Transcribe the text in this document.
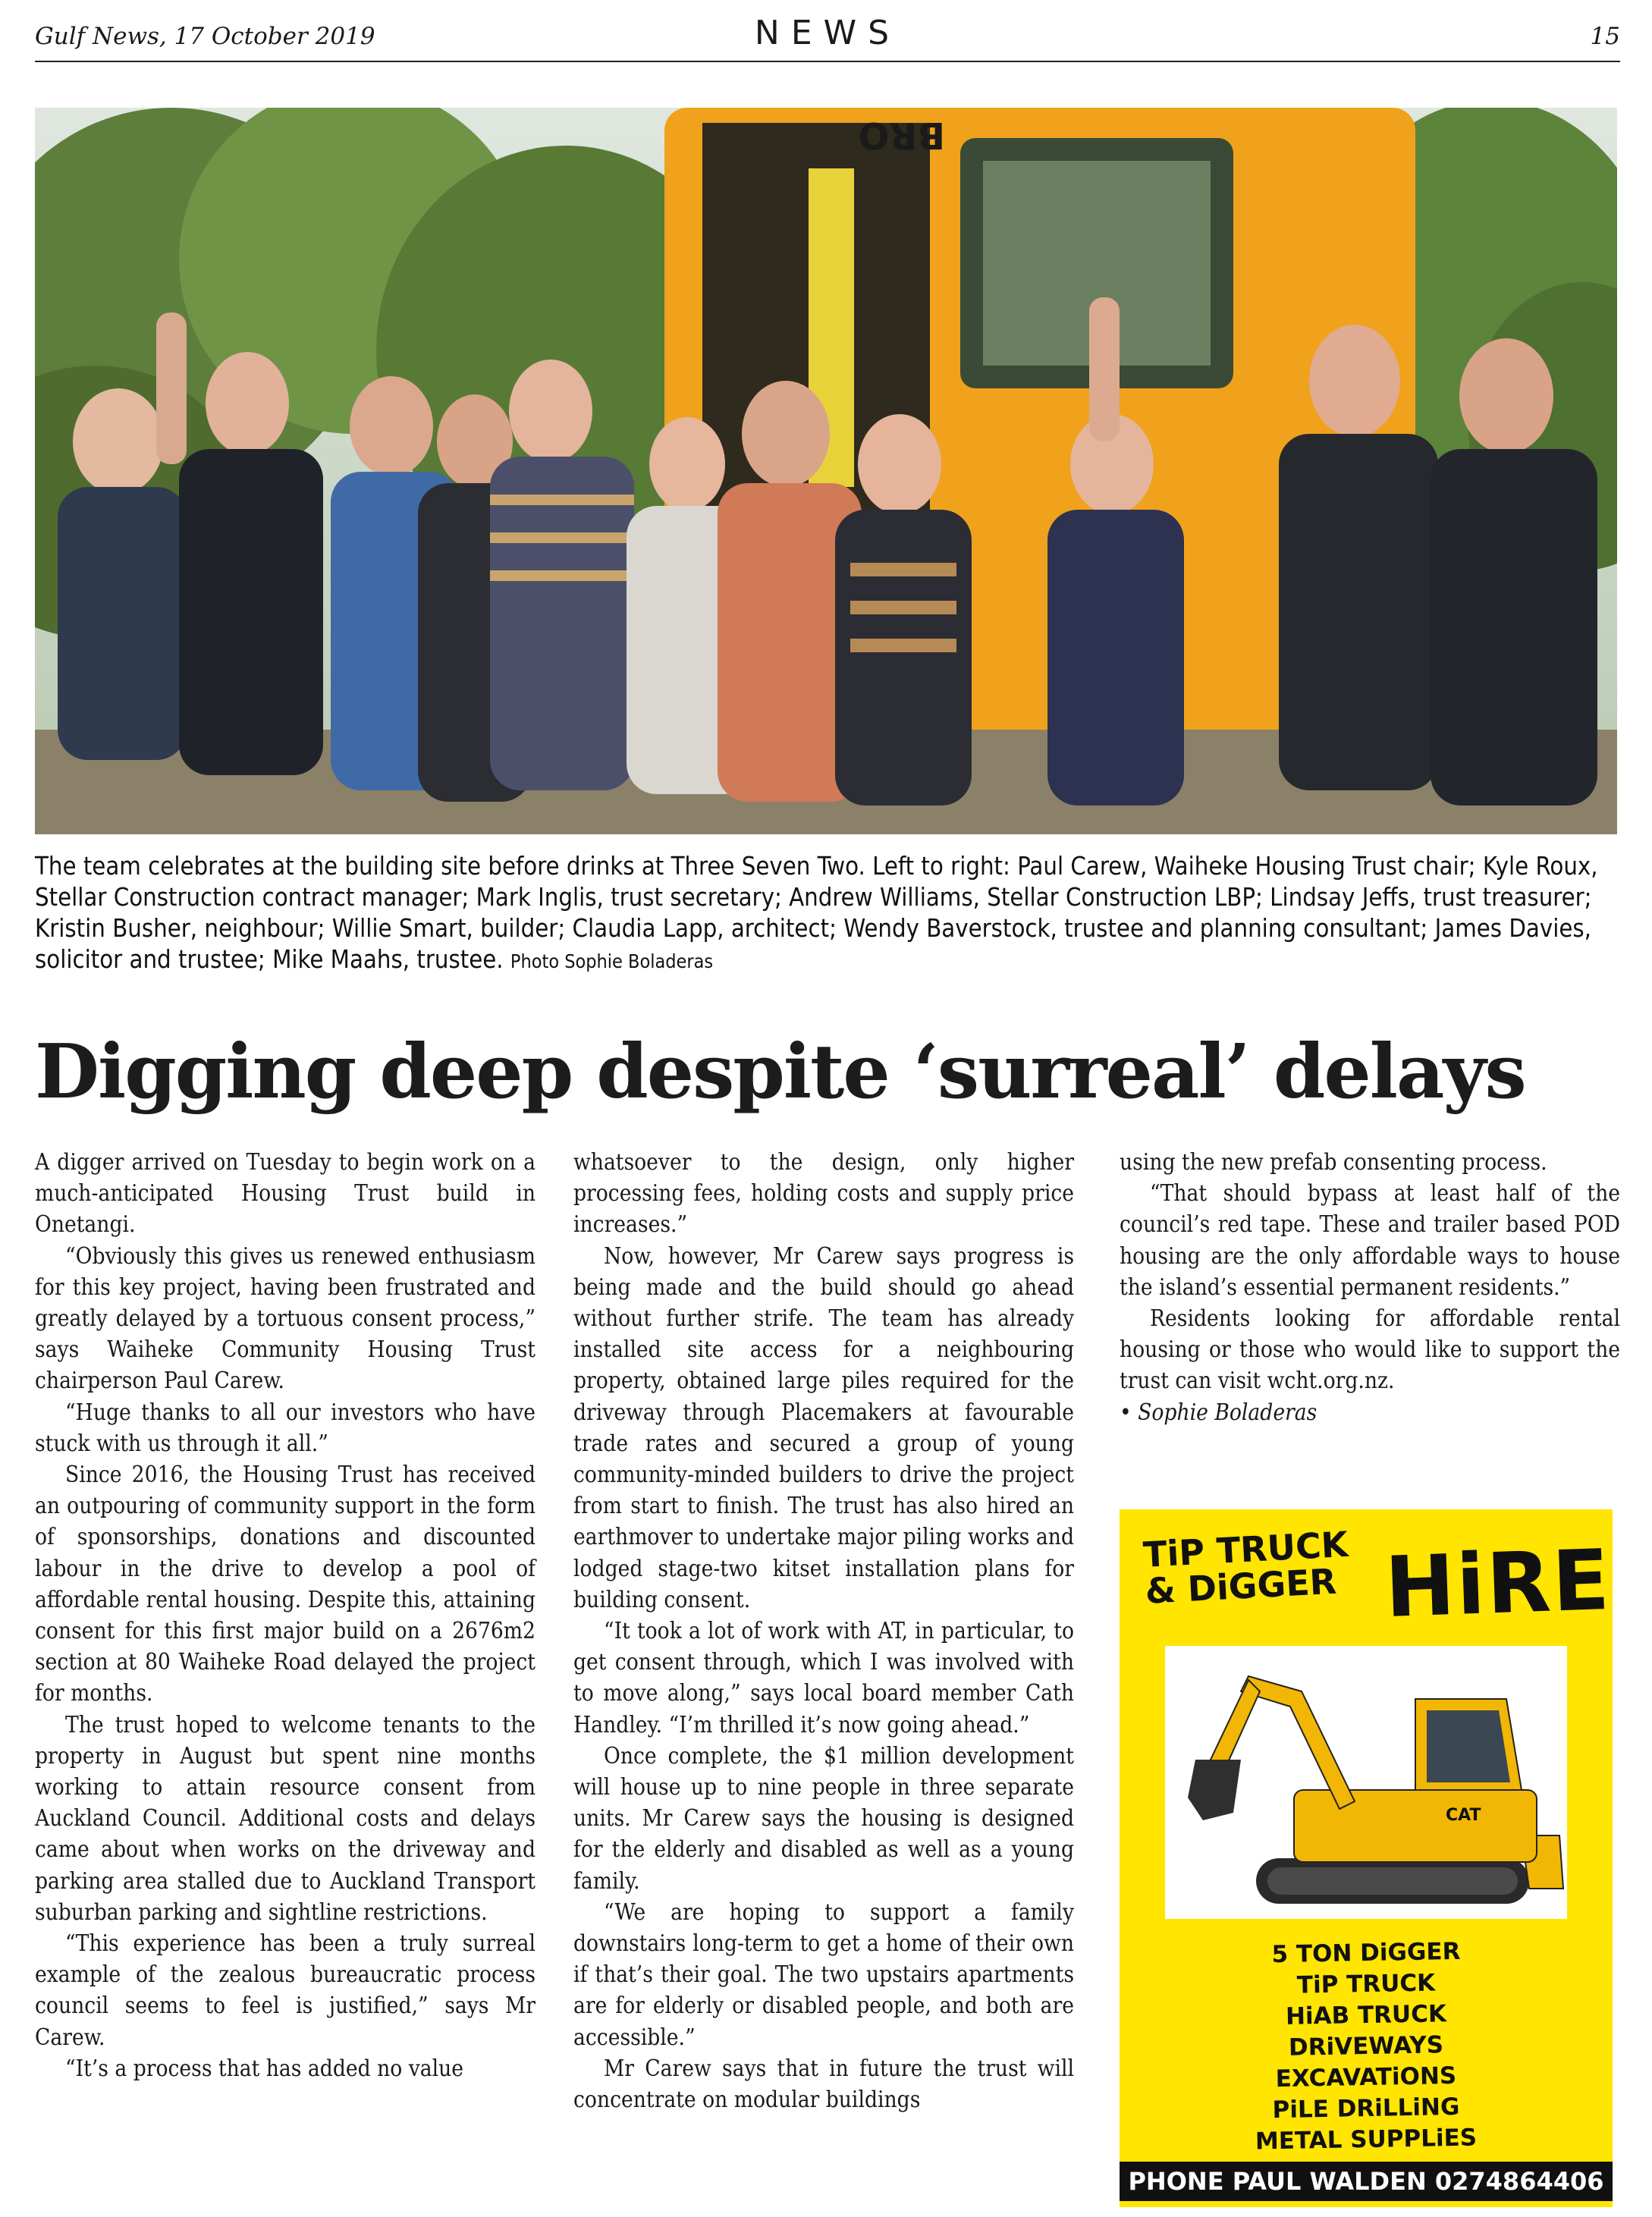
Gulf News, 17 October 2019	NEWS	15
BRO
The team celebrates at the building site before drinks at Three Seven Two. Left to right: Paul Carew, Waiheke Housing Trust chair; Kyle Roux, Stellar Construction contract manager; Mark Inglis, trust secretary; Andrew Williams, Stellar Construction LBP; Lindsay Jeffs, trust treasurer; Kristin Busher, neighbour; Willie Smart, builder; Claudia Lapp, architect; Wendy Baverstock, trustee and planning consultant; James Davies, solicitor and trustee; Mike Maahs, trustee. Photo Sophie Boladeras
Digging deep despite ‘surreal’ delays

A digger arrived on Tuesday to begin work on a much-anticipated Housing Trust build in Onetangi.

“Obviously this gives us renewed enthusiasm for this key project, having been frustrated and greatly delayed by a tortuous consent process,” says Waiheke Community Housing Trust chairperson Paul Carew.

“Huge thanks to all our investors who have stuck with us through it all.”

Since 2016, the Housing Trust has received an outpouring of community support in the form of sponsorships, donations and discounted labour in the drive to develop a pool of affordable rental housing. Despite this, attaining consent for this first major build on a 2676m2 section at 80 Waiheke Road delayed the project for months.

The trust hoped to welcome tenants to the property in August but spent nine months working to attain resource consent from Auckland Council. Additional costs and delays came about when works on the driveway and parking area stalled due to Auckland Transport suburban parking and sightline restrictions.

“This experience has been a truly surreal example of the zealous bureaucratic process council seems to feel is justified,” says Mr Carew.

“It’s a process that has added no value

whatsoever to the design, only higher processing fees, holding costs and supply price increases.”

Now, however, Mr Carew says progress is being made and the build should go ahead without further strife. The team has already installed site access for a neighbouring property, obtained large piles required for the driveway through Placemakers at favourable trade rates and secured a group of young community-minded builders to drive the project from start to finish. The trust has also hired an earthmover to undertake major piling works and lodged stage-two kitset installation plans for building consent.

“It took a lot of work with AT, in particular, to get consent through, which I was involved with to move along,” says local board member Cath Handley. “I’m thrilled it’s now going ahead.”

Once complete, the $1 million development will house up to nine people in three separate units. Mr Carew says the housing is designed for the elderly and disabled as well as a young family.

“We are hoping to support a family downstairs long-term to get a home of their own if that’s their goal. The two upstairs apartments are for elderly or disabled people, and both are accessible.”

Mr Carew says that in future the trust will concentrate on modular buildings

using the new prefab consenting process.

“That should bypass at least half of the council’s red tape. These and trailer based POD housing are the only affordable ways to house the island’s essential permanent residents.”

Residents looking for affordable rental housing or those who would like to support the trust can visit wcht.org.nz.

• Sophie Boladeras

TiP TRUCK
& DiGGER HiRE
CAT
5 TON DiGGER
TiP TRUCK
HiAB TRUCK
DRiVEWAYS
EXCAVATiONS
PiLE DRiLLiNG
METAL SUPPLiES
PHONE PAUL WALDEN 0274864406
